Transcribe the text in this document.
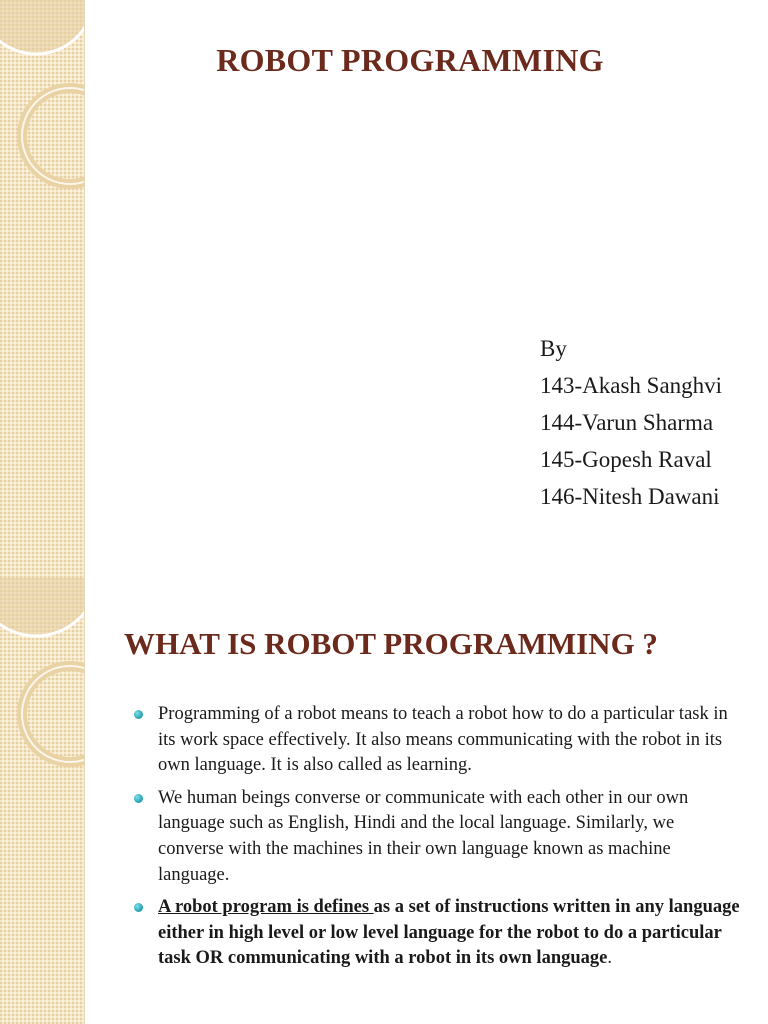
ROBOT PROGRAMMING
By
143-Akash Sanghvi
144-Varun Sharma
145-Gopesh Raval
146-Nitesh Dawani
WHAT IS ROBOT PROGRAMMING ?
Programming of a robot means to teach a robot how to do a particular task in its work space effectively. It also means communicating with the robot in its own language. It is also called as learning.
We human beings converse or communicate with each other in our own language such as English, Hindi and the local language. Similarly, we converse with the machines in their own language known as machine language.
A robot program is defines as a set of instructions written in any language either in high level or low level language for the robot to do a particular task OR communicating with a robot in its own language.
